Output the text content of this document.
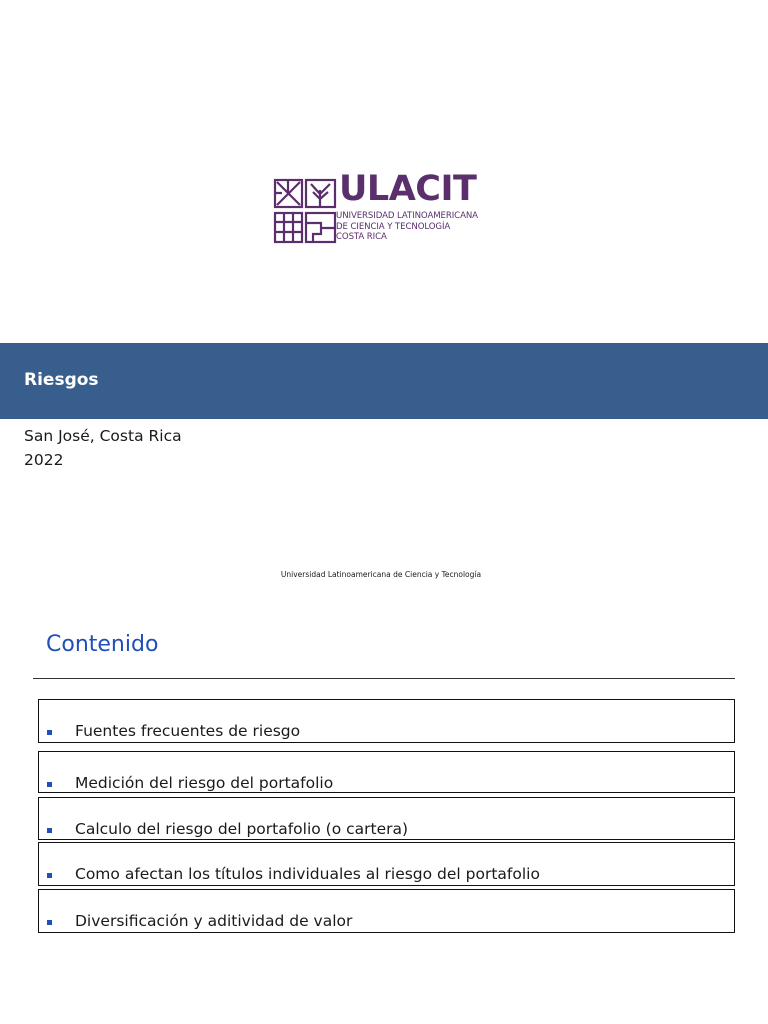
ULACIT
UNIVERSIDAD LATINOAMERICANA
DE CIENCIA Y TECNOLOGÍA
COSTA RICA
Riesgos
San José, Costa Rica
2022
Universidad Latinoamericana de Ciencia y Tecnología
Contenido
Fuentes frecuentes de riesgo
Medición del riesgo del portafolio
Calculo del riesgo del portafolio (o cartera)
Como afectan los títulos individuales al riesgo del portafolio
Diversificación y aditividad de valor
